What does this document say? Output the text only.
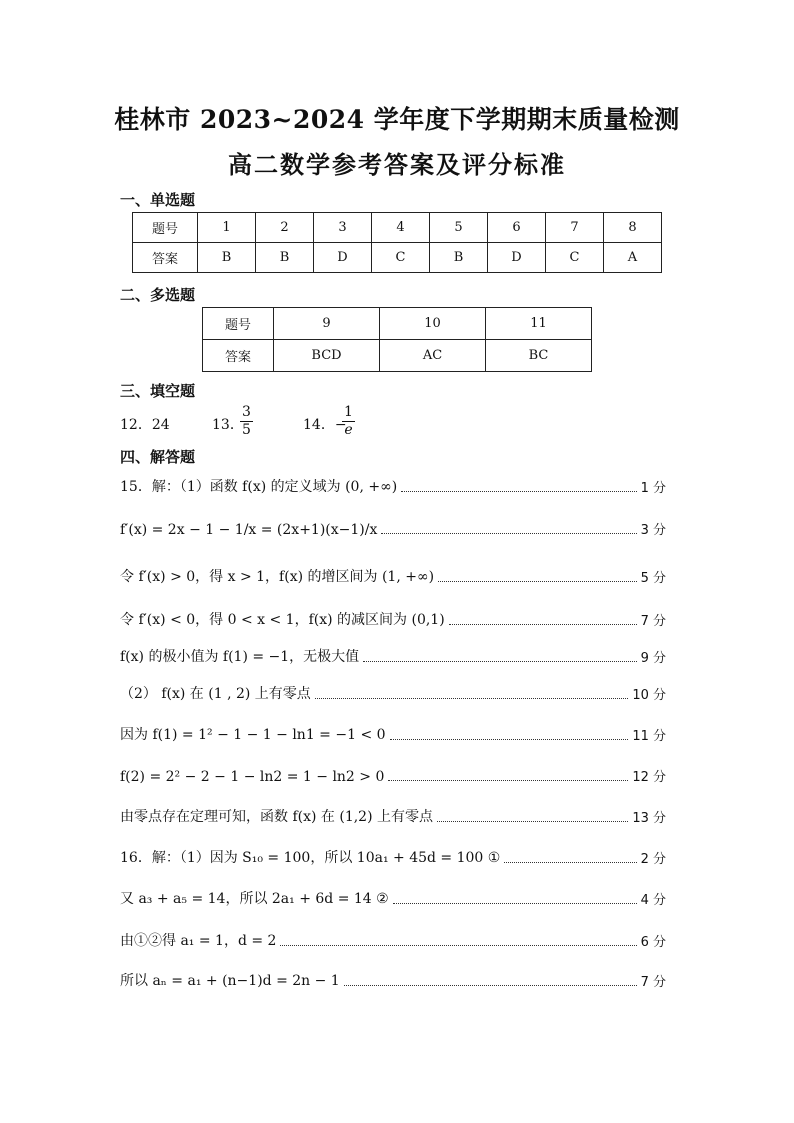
桂林市 2023~2024 学年度下学期期末质量检测
高二数学参考答案及评分标准
一、单选题
题号	1	2	3	4	5	6	7	8
答案	B	B	D	C	B	D	C	A
二、多选题
题号	9	10	11
答案	BCD	AC	BC
三、填空题
12．24	13．
$\frac{3}{5}$	14．−
$\frac{1}{e}$
四、解答题
15．解：（1）函数 f(x) 的定义域为 (0, +∞)	1 分
f′(x) = 2x − 1 − 1/x = (2x+1)(x−1)/x	3 分
令 f′(x) > 0，得 x > 1，f(x) 的增区间为 (1, +∞)	5 分
令 f′(x) < 0，得 0 < x < 1，f(x) 的减区间为 (0,1)	7 分
f(x) 的极小值为 f(1) = −1，无极大值	9 分
（2） f(x) 在 (1 , 2) 上有零点	10 分
因为 f(1) = 1² − 1 − 1 − ln1 = −1 < 0	11 分
f(2) = 2² − 2 − 1 − ln2 = 1 − ln2 > 0	12 分
由零点存在定理可知，函数 f(x) 在 (1,2) 上有零点	13 分
16．解：（1）因为 S₁₀ = 100，所以 10a₁ + 45d = 100 ①	2 分
又 a₃ + a₅ = 14，所以 2a₁ + 6d = 14 ②	4 分
由①②得 a₁ = 1，d = 2	6 分
所以 aₙ = a₁ + (n−1)d = 2n − 1	7 分
